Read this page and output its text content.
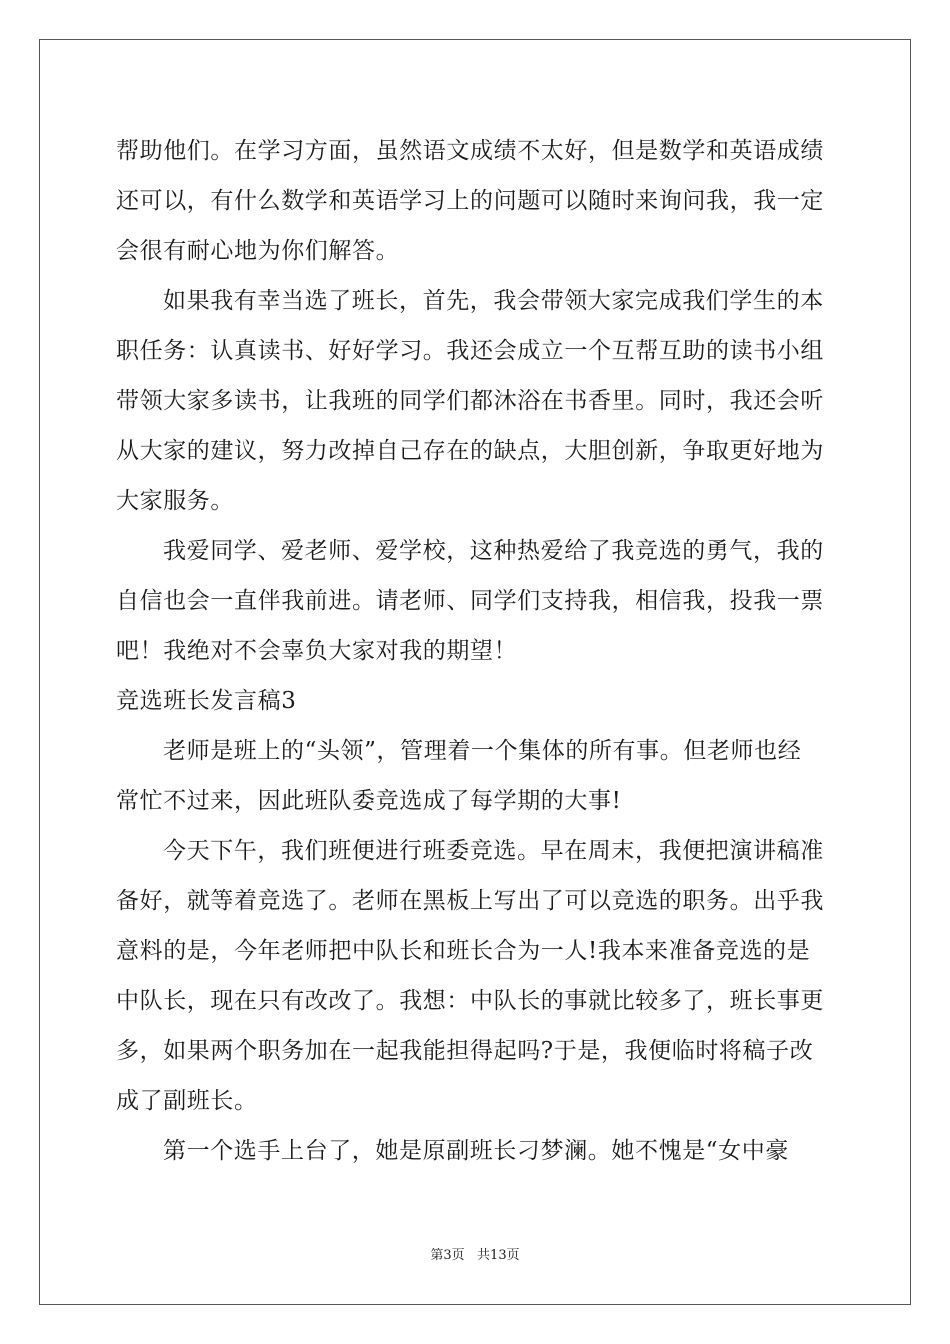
帮助他们。在学习方面，虽然语文成绩不太好，但是数学和英语成绩
还可以，有什么数学和英语学习上的问题可以随时来询问我，我一定
会很有耐心地为你们解答。
如果我有幸当选了班长，首先，我会带领大家完成我们学生的本
职任务：认真读书、好好学习。我还会成立一个互帮互助的读书小组
带领大家多读书，让我班的同学们都沐浴在书香里。同时，我还会听
从大家的建议，努力改掉自己存在的缺点，大胆创新，争取更好地为
大家服务。
我爱同学、爱老师、爱学校，这种热爱给了我竞选的勇气，我的
自信也会一直伴我前进。请老师、同学们支持我，相信我，投我一票
吧！我绝对不会辜负大家对我的期望！
竞选班长发言稿3
老师是班上的“头领”，管理着一个集体的所有事。但老师也经
常忙不过来，因此班队委竞选成了每学期的大事!
今天下午，我们班便进行班委竞选。早在周末，我便把演讲稿准
备好，就等着竞选了。老师在黑板上写出了可以竞选的职务。出乎我
意料的是，今年老师把中队长和班长合为一人!我本来准备竞选的是
中队长，现在只有改改了。我想：中队长的事就比较多了，班长事更
多，如果两个职务加在一起我能担得起吗?于是，我便临时将稿子改
成了副班长。
第一个选手上台了，她是原副班长刁梦澜。她不愧是“女中豪
第3页   共13页
